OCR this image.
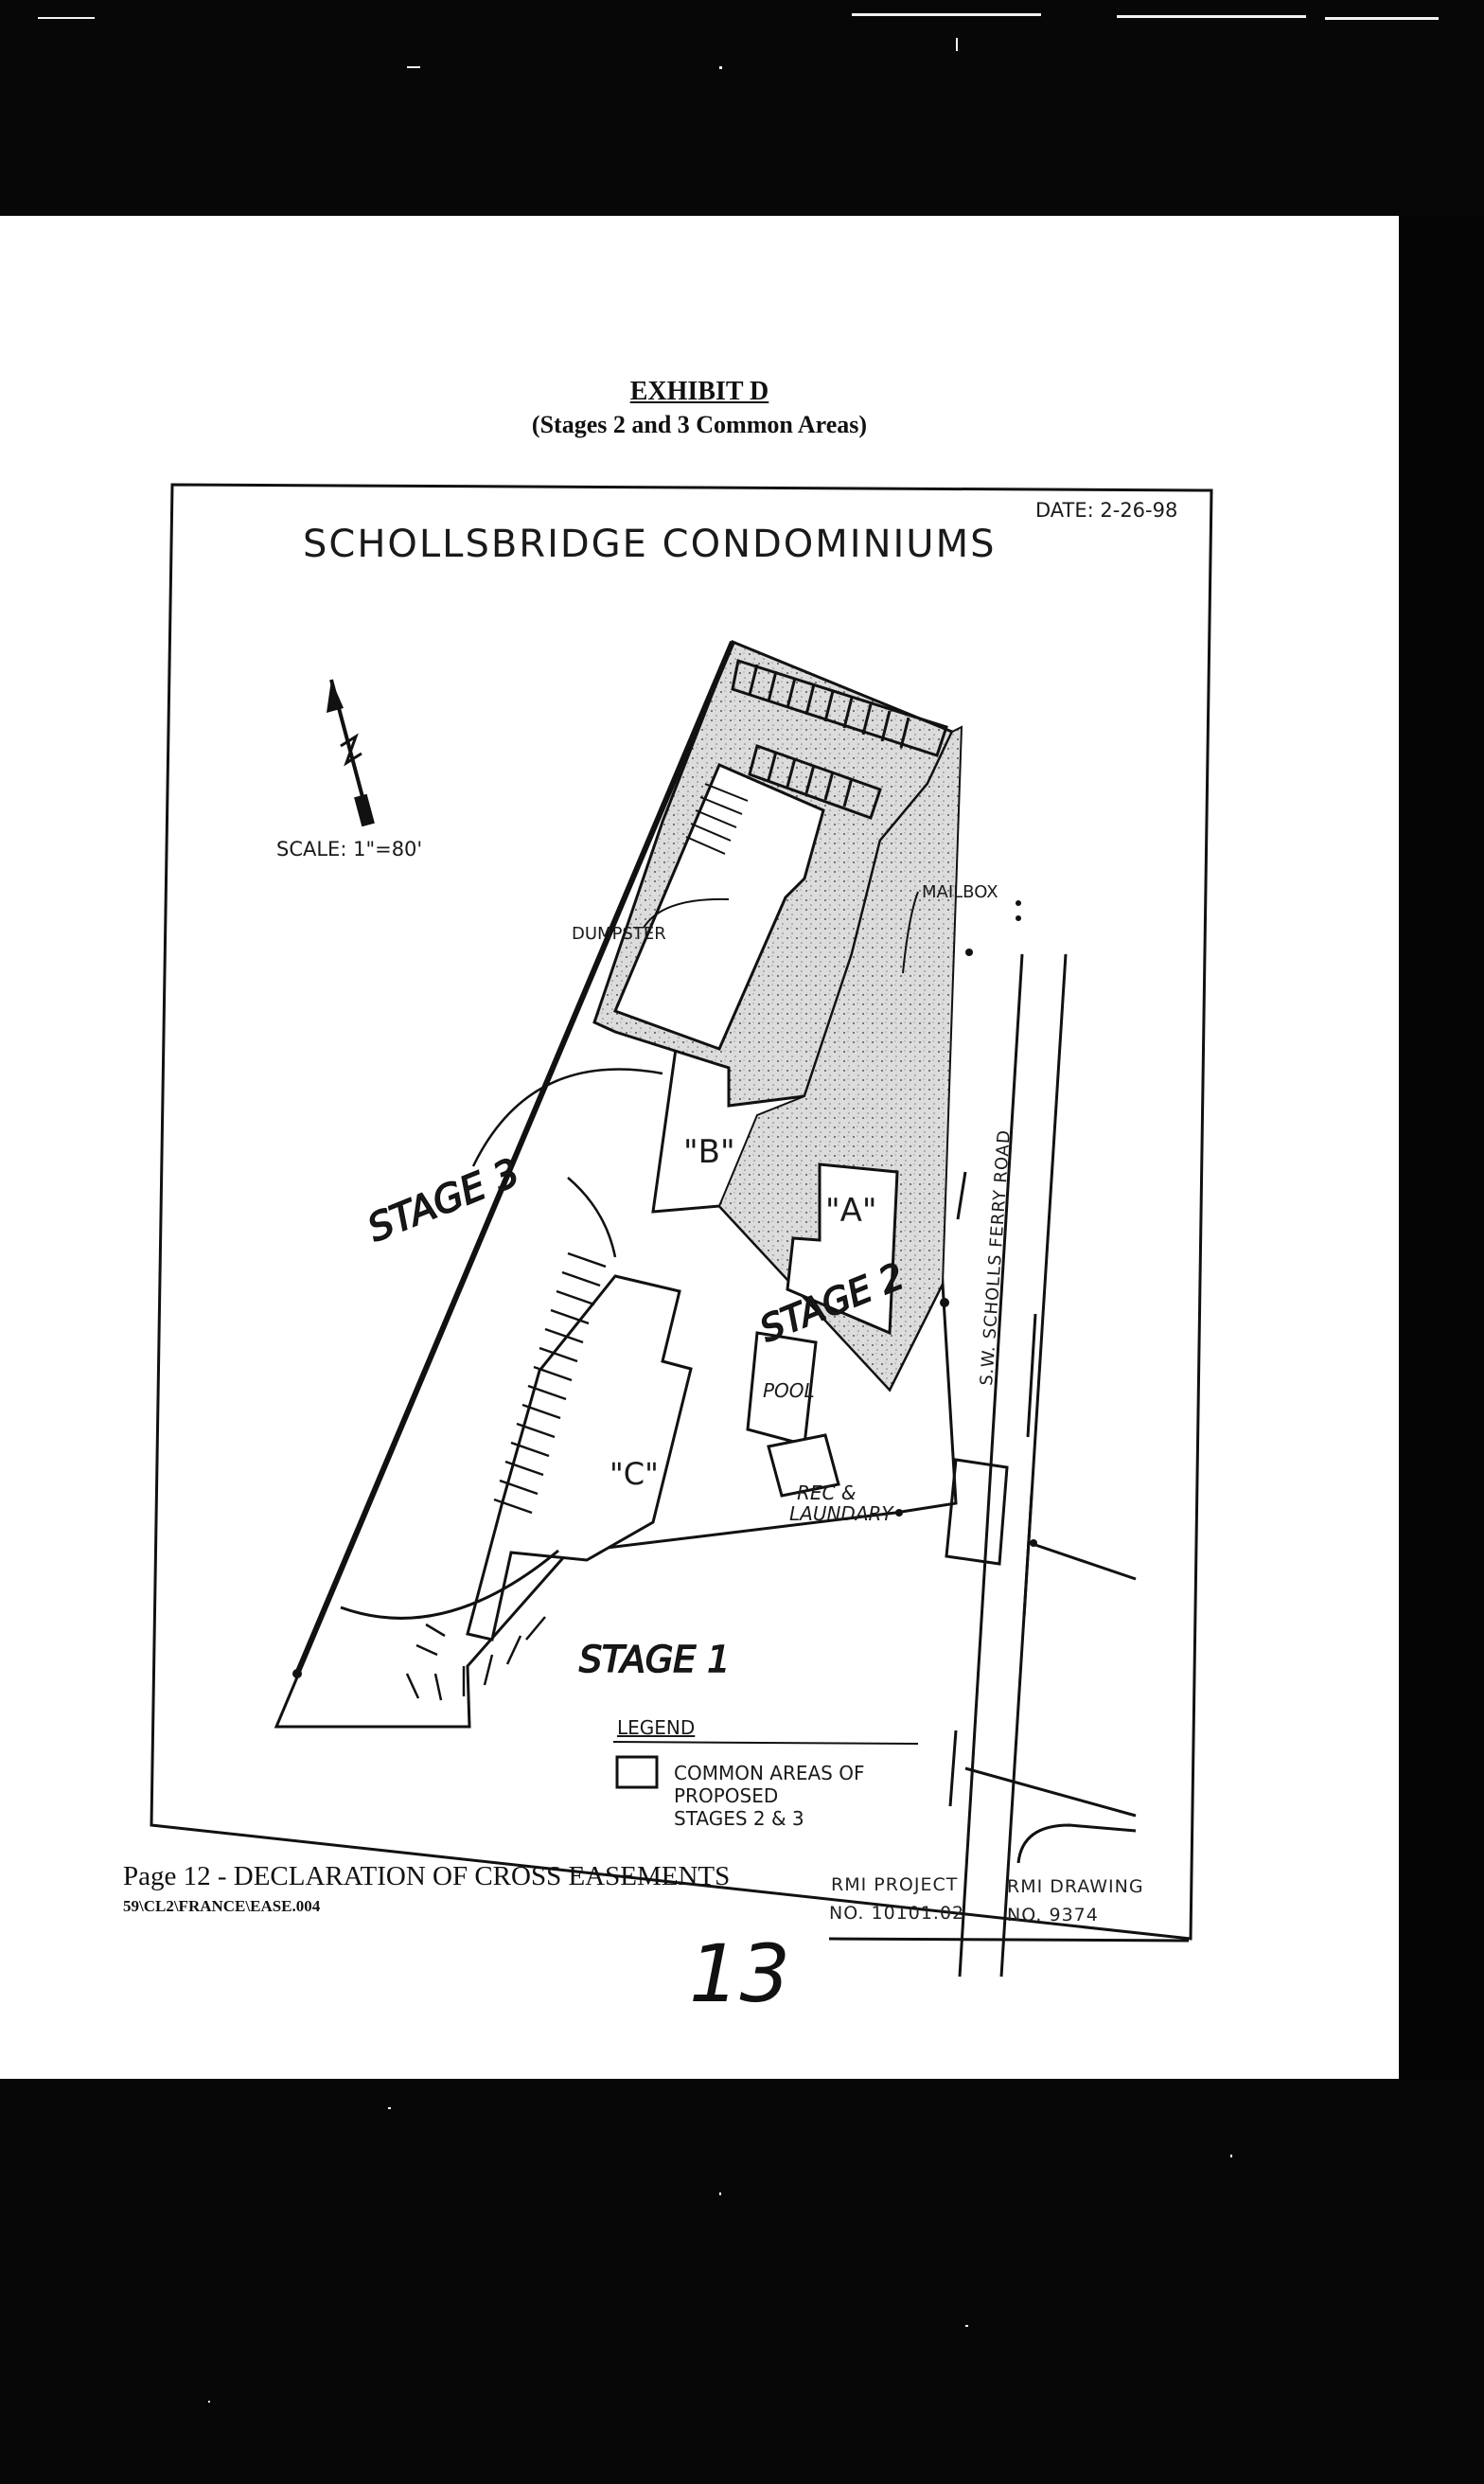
EXHIBIT D
(Stages 2 and 3 Common Areas)
SCHOLLSBRIDGE CONDOMINIUMS
DATE: 2-26-98
SCALE: 1"=80'
"B"
"A"
POOL
REC &
LAUNDARY
"C"
STAGE 3
STAGE 2
STAGE 1
DUMPSTER
MAILBOX
S.W. SCHOLLS FERRY ROAD
LEGEND
COMMON AREAS OF
PROPOSED
STAGES 2 & 3
RMI PROJECT
NO. 10101.02
RMI DRAWING
NO. 9374
Page 12 - DECLARATION OF CROSS EASEMENTS
59\CL2\FRANCE\EASE.004
13
